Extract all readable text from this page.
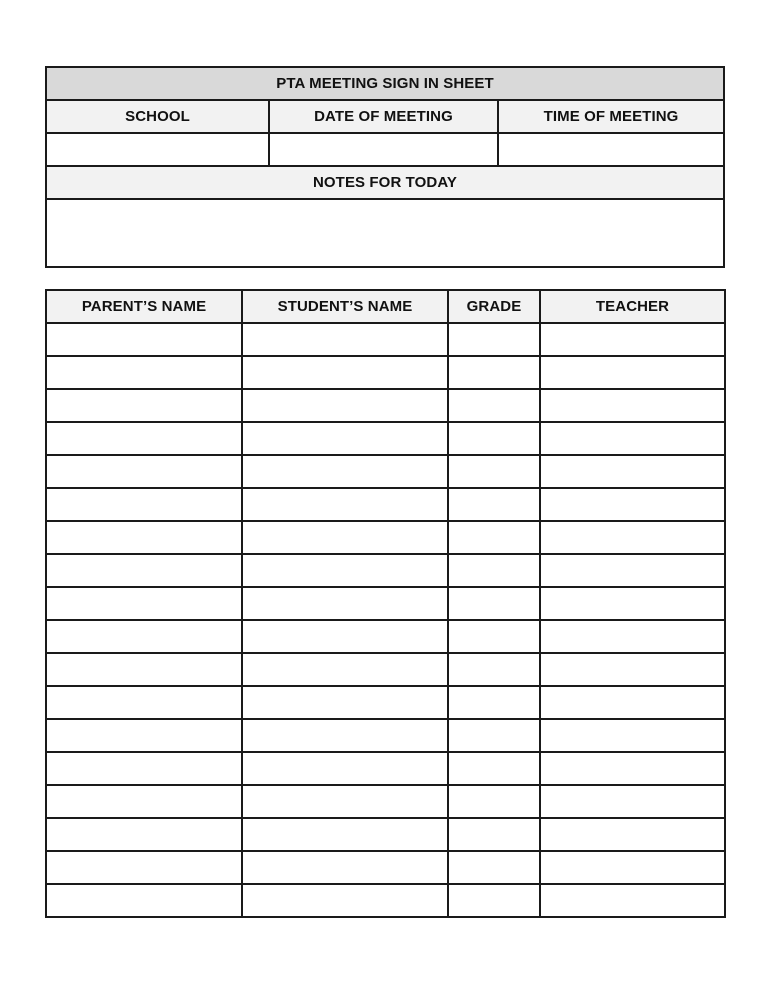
PTA MEETING SIGN IN SHEET		
SCHOOL	DATE OF MEETING	TIME OF MEETING

NOTES FOR TODAY		

PARENT’S NAME	STUDENT’S NAME	GRADE	TEACHER
